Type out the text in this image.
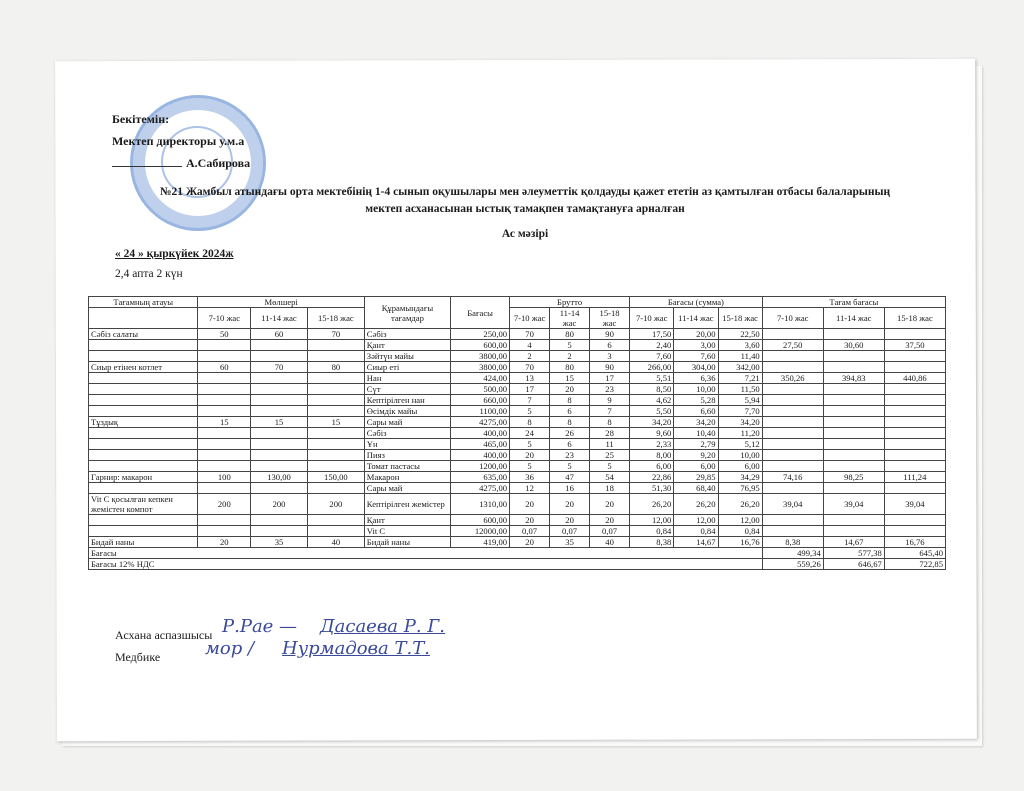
Бекітемін:
Мектеп директоры у.м.а
А.Сабирова
№21 Жамбыл атындағы орта мектебінің 1-4 сынып оқушылары мен әлеуметтік қолдауды қажет ететін аз қамтылған отбасы балаларының
мектеп асханасынан ыстық тамақпен тамақтануға арналған
Ас мәзірі
« 24 » қыркүйек 2024ж
2,4 апта 2 күн
Тағамның атауы	Мөлшері			Құрамындағы тағамдар	Бағасы	Брутто			Бағасы (сумма)			Тағам бағасы		
	7-10 жас	11-14 жас	15-18 жас			7-10 жас	11-14 жас	15-18 жас	7-10 жас	11-14 жас	15-18 жас	7-10 жас	11-14 жас	15-18 жас

Сәбіз салаты	50	60	70	Сәбіз	250,00	70	80	90	17,50	20,00	22,50			
				Қант	600,00	4	5	6	2,40	3,00	3,60	27,50	30,60	37,50
				Зәйтүн майы	3800,00	2	2	3	7,60	7,60	11,40			
Сиыр етінен котлет	60	70	80	Сиыр еті	3800,00	70	80	90	266,00	304,00	342,00			
				Нан	424,00	13	15	17	5,51	6,36	7,21	350,26	394,83	440,86
				Сүт	500,00	17	20	23	8,50	10,00	11,50			
				Кептірілген нан	660,00	7	8	9	4,62	5,28	5,94			
				Өсімдік майы	1100,00	5	6	7	5,50	6,60	7,70			
Тұздық	15	15	15	Сары май	4275,00	8	8	8	34,20	34,20	34,20			
				Сәбіз	400,00	24	26	28	9,60	10,40	11,20			
				Ұн	465,00	5	6	11	2,33	2,79	5,12			
				Пияз	400,00	20	23	25	8,00	9,20	10,00			
				Томат пастасы	1200,00	5	5	5	6,00	6,00	6,00			
Гарнир: макарон	100	130,00	150,00	Макарон	635,00	36	47	54	22,86	29,85	34,29	74,16	98,25	111,24
				Сары май	4275,00	12	16	18	51,30	68,40	76,95			
Vit C қосылған кепкен жемістен компот	200	200	200	Кептірілген жемістер	1310,00	20	20	20	26,20	26,20	26,20	39,04	39,04	39,04
				Қант	600,00	20	20	20	12,00	12,00	12,00			
				Vit C	12000,00	0,07	0,07	0,07	0,84	0,84	0,84			
Бидай наны	20	35	40	Бидай наны	419,00	20	35	40	8,38	14,67	16,76	8,38	14,67	16,76
Бағасы												499,34	577,38	645,40
Бағасы 12% НДС												559,26	646,67	722,85
Асхана аспазшысы Р.Рае — Дасаева Р. Г.
Медбике мор / Нурмадова Т.Т.
